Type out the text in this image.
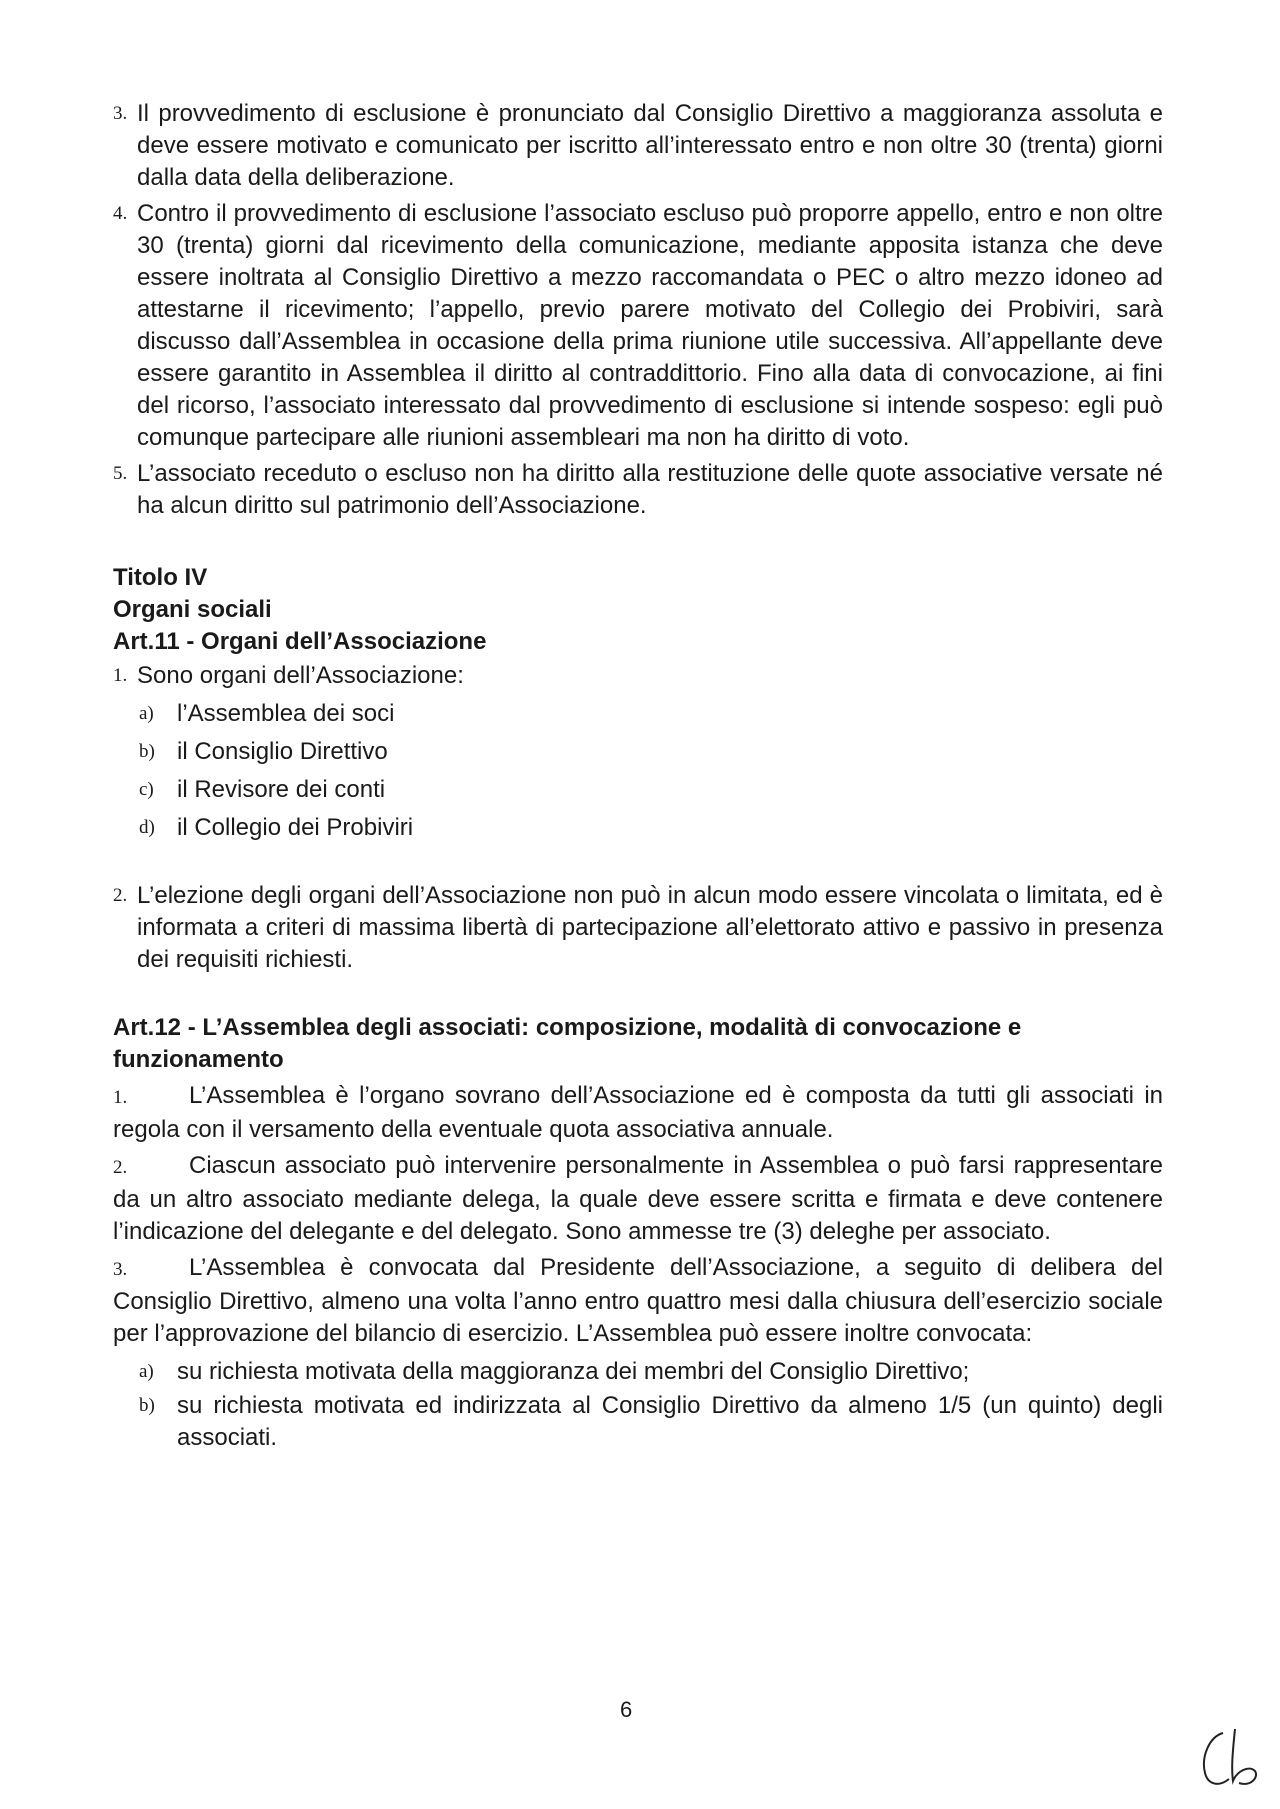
3. Il provvedimento di esclusione è pronunciato dal Consiglio Direttivo a maggioranza assoluta e deve essere motivato e comunicato per iscritto all’interessato entro e non oltre 30 (trenta) giorni dalla data della deliberazione.
4. Contro il provvedimento di esclusione l’associato escluso può proporre appello, entro e non oltre 30 (trenta) giorni dal ricevimento della comunicazione, mediante apposita istanza che deve essere inoltrata al Consiglio Direttivo a mezzo raccomandata o PEC o altro mezzo idoneo ad attestarne il ricevimento; l’appello, previo parere motivato del Collegio dei Probiviri, sarà discusso dall’Assemblea in occasione della prima riunione utile successiva. All’appellante deve essere garantito in Assemblea il diritto al contraddittorio. Fino alla data di convocazione, ai fini del ricorso, l’associato interessato dal provvedimento di esclusione si intende sospeso: egli può comunque partecipare alle riunioni assembleari ma non ha diritto di voto.
5. L’associato receduto o escluso non ha diritto alla restituzione delle quote associative versate né ha alcun diritto sul patrimonio dell’Associazione.
Titolo IV
Organi sociali
Art.11 - Organi dell’Associazione
1. Sono organi dell’Associazione:
a) l’Assemblea dei soci
b) il Consiglio Direttivo
c) il Revisore dei conti
d) il Collegio dei Probiviri
2. L’elezione degli organi dell’Associazione non può in alcun modo essere vincolata o limitata, ed è informata a criteri di massima libertà di partecipazione all’elettorato attivo e passivo in presenza dei requisiti richiesti.
Art.12 - L’Assemblea degli associati: composizione, modalità di convocazione e funzionamento
1.	L’Assemblea è l’organo sovrano dell’Associazione ed è composta da tutti gli associati in regola con il versamento della eventuale quota associativa annuale.
2.	Ciascun associato può intervenire personalmente in Assemblea o può farsi rappresentare da un altro associato mediante delega, la quale deve essere scritta e firmata e deve contenere l’indicazione del delegante e del delegato. Sono ammesse tre (3) deleghe per associato.
3.	L’Assemblea è convocata dal Presidente dell’Associazione, a seguito di delibera del Consiglio Direttivo, almeno una volta l’anno entro quattro mesi dalla chiusura dell’esercizio sociale per l’approvazione del bilancio di esercizio. L’Assemblea può essere inoltre convocata:
a) su richiesta motivata della maggioranza dei membri del Consiglio Direttivo;
b) su richiesta motivata ed indirizzata al Consiglio Direttivo da almeno 1/5 (un quinto) degli associati.
6
